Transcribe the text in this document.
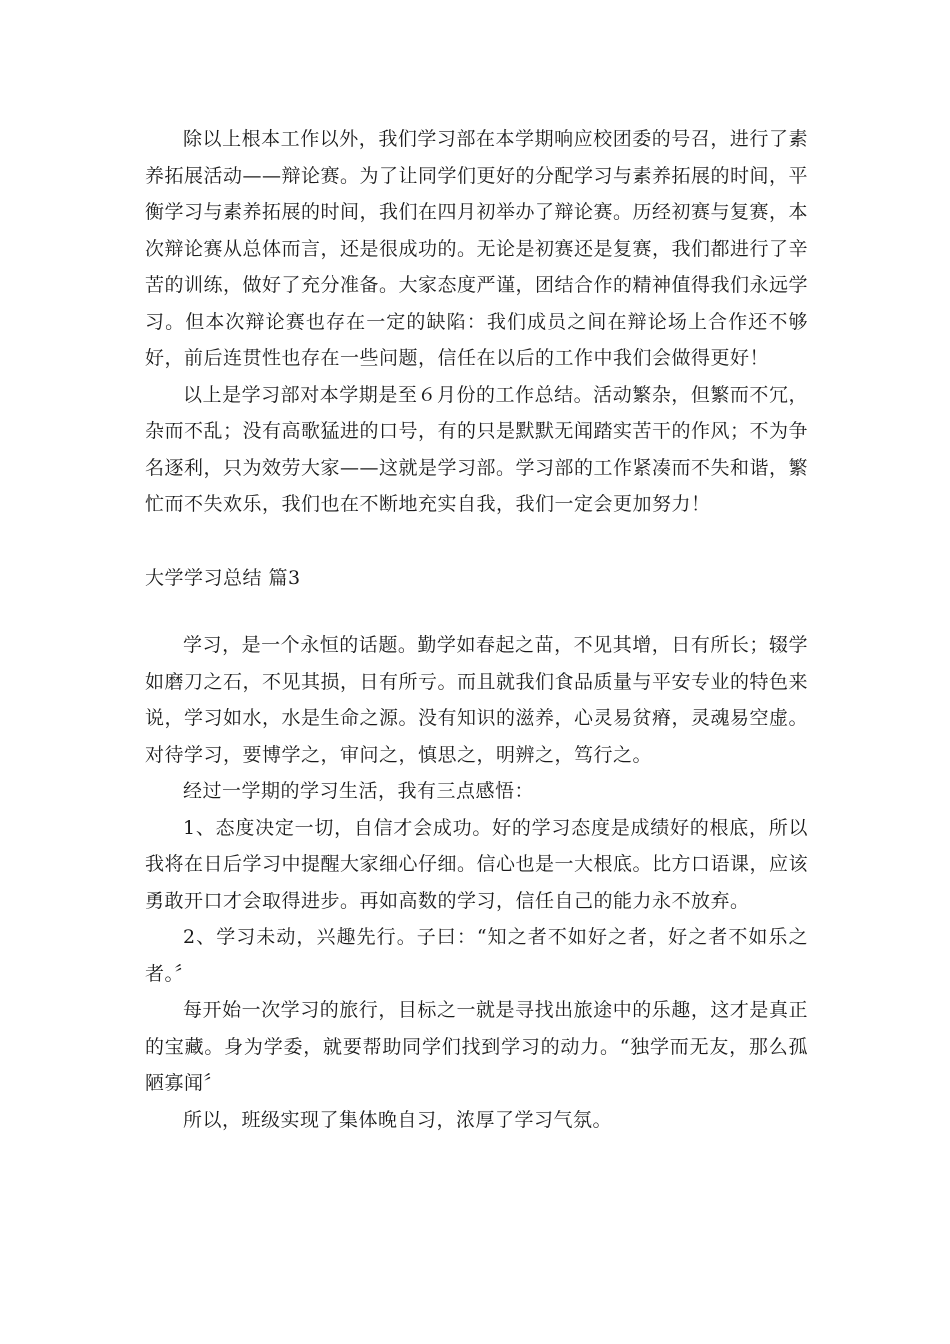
除以上根本工作以外，我们学习部在本学期响应校团委的号召，进行了素养拓展活动——辩论赛。为了让同学们更好的分配学习与素养拓展的时间，平衡学习与素养拓展的时间，我们在四月初举办了辩论赛。历经初赛与复赛，本次辩论赛从总体而言，还是很成功的。无论是初赛还是复赛，我们都进行了辛苦的训练，做好了充分准备。大家态度严谨，团结合作的精神值得我们永远学习。但本次辩论赛也存在一定的缺陷：我们成员之间在辩论场上合作还不够好，前后连贯性也存在一些问题，信任在以后的工作中我们会做得更好！

以上是学习部对本学期是至６月份的工作总结。活动繁杂，但繁而不冗，杂而不乱；没有高歌猛进的口号，有的只是默默无闻踏实苦干的作风；不为争名逐利，只为效劳大家——这就是学习部。学习部的工作紧凑而不失和谐，繁忙而不失欢乐，我们也在不断地充实自我，我们一定会更加努力！

大学学习总结 篇3

学习，是一个永恒的话题。勤学如春起之苗，不见其增，日有所长；辍学如磨刀之石，不见其损，日有所亏。而且就我们食品质量与平安专业的特色来说，学习如水，水是生命之源。没有知识的滋养，心灵易贫瘠，灵魂易空虚。对待学习，要博学之，审问之，慎思之，明辨之，笃行之。

经过一学期的学习生活，我有三点感悟：

1、态度决定一切，自信才会成功。好的学习态度是成绩好的根底，所以我将在日后学习中提醒大家细心仔细。信心也是一大根底。比方口语课，应该勇敢开口才会取得进步。再如高数的学习，信任自己的能力永不放弃。

2、学习未动，兴趣先行。子曰：“知之者不如好之者，好之者不如乐之者。〞

每开始一次学习的旅行，目标之一就是寻找出旅途中的乐趣，这才是真正的宝藏。身为学委，就要帮助同学们找到学习的动力。“独学而无友，那么孤陋寡闻〞

所以，班级实现了集体晚自习，浓厚了学习气氛。
